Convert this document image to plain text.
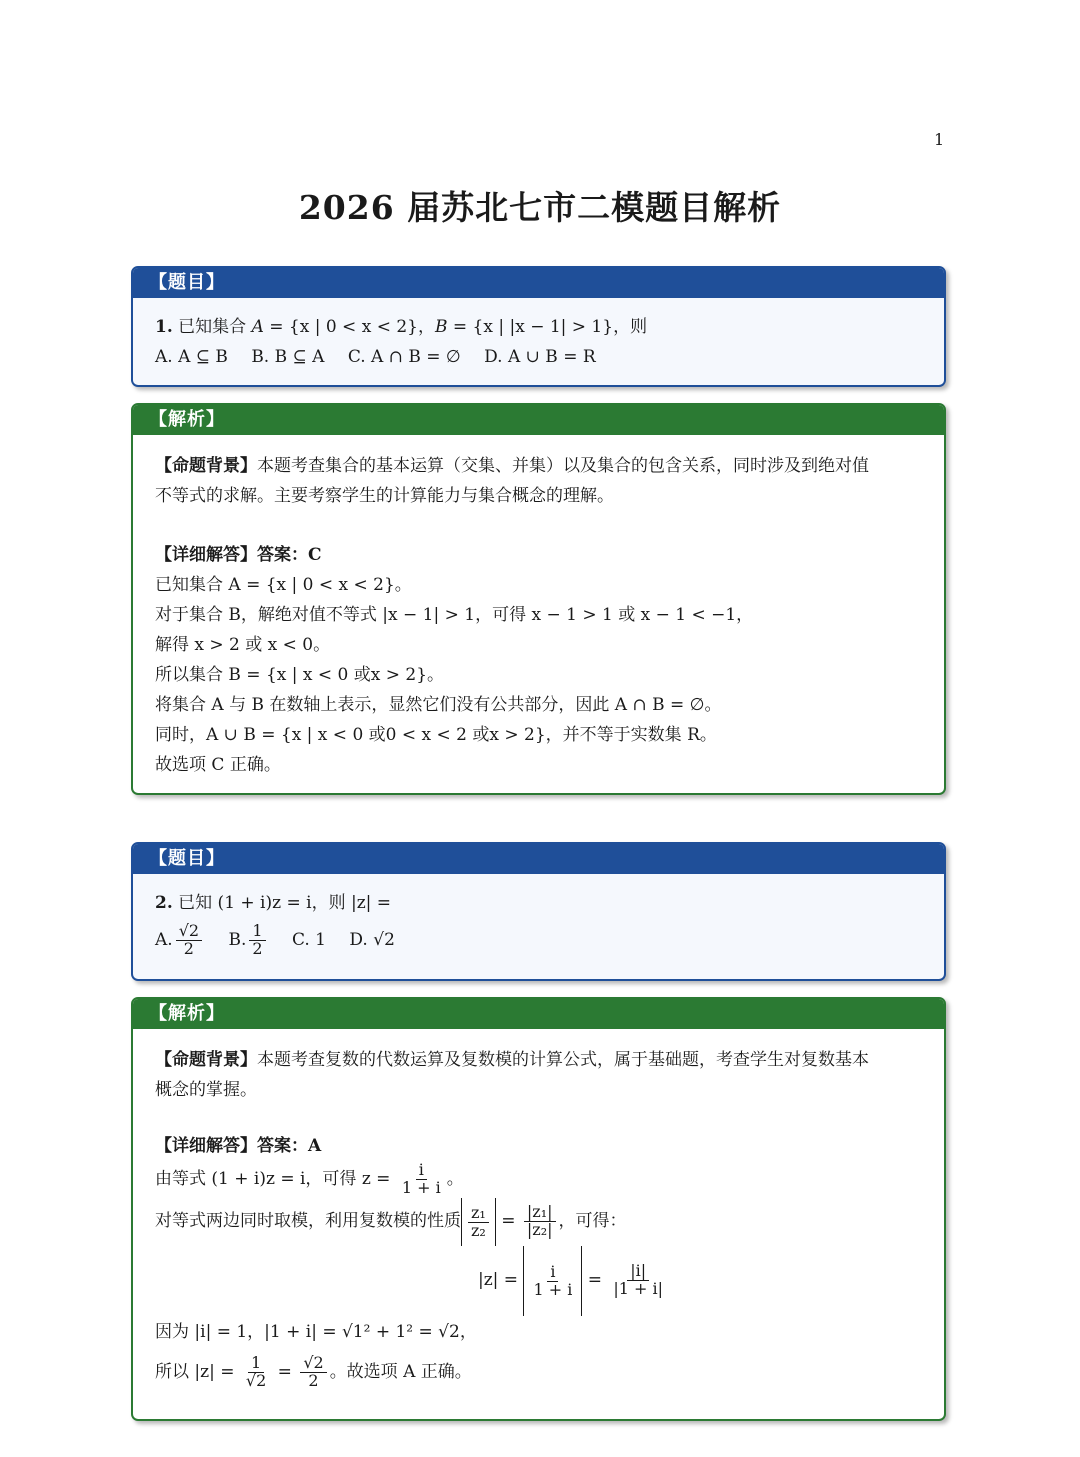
1
2026 届苏北七市二模题目解析
【题目】
1. 已知集合 A = {x | 0 < x < 2}，B = {x | |x − 1| > 1}，则
A. A ⊆ B B. B ⊆ A C. A ∩ B = ∅ D. A ∪ B = R
【解析】
【命题背景】本题考查集合的基本运算（交集、并集）以及集合的包含关系，同时涉及到绝对值
不等式的求解。主要考察学生的计算能力与集合概念的理解。
【详细解答】答案：C
已知集合 A = {x | 0 < x < 2}。
对于集合 B，解绝对值不等式 |x − 1| > 1，可得 x − 1 > 1 或 x − 1 < −1，
解得 x > 2 或 x < 0。
所以集合 B = {x | x < 0 或x > 2}。
将集合 A 与 B 在数轴上表示，显然它们没有公共部分，因此 A ∩ B = ∅。
同时，A ∪ B = {x | x < 0 或0 < x < 2 或x > 2}，并不等于实数集 R。
故选项 C 正确。
【题目】
2. 已知 (1 + i)z = i，则 |z| =
A. $\frac{√2}{2} B$. $\frac{1}{2} C$. 1 D. √2
【解析】
【命题背景】本题考查复数的代数运算及复数模的计算公式，属于基础题，考查学生对复数基本
概念的掌握。
【详细解答】答案：A
由等式 (1 + i)z = i，可得 $z = \frac{i}{1 + i}$ 。
对等式两边同时取模，利用复数模的性质 $\frac{\text{z₁}}{\text{z₂}} = \frac{\text{|z₁|}}{\text{|z₂|}}$ ，可得：
$|z| = \frac{i}{1 + i} = \frac{|i|}{|1 + i|}$
因为 |i| = 1，|1 + i| = √1² + 1² = √2，
所以 $|z| = \frac{1}{√2} = \frac{√2}{2}$ 。故选项 A 正确。
